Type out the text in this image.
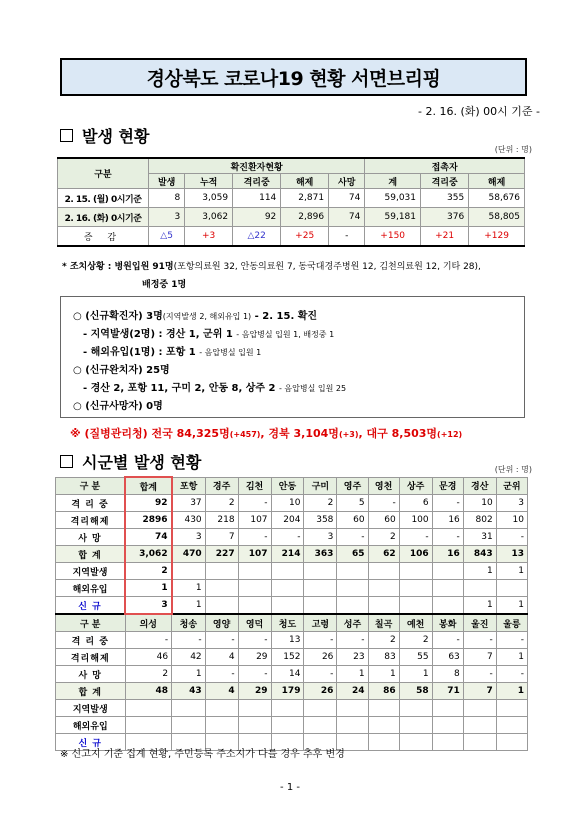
경상북도 코로나19 현황 서면브리핑
- 2. 16. (화) 00시 기준 -
발생 현황
(단위 : 명)
구분	확진환자현황					접촉자		
	발생	누적	격리중	해제	사망	계	격리중	해제
2. 15. (월) 0시기준	8	3,059	114	2,871	74	59,031	355	58,676
2. 16. (화) 0시기준	3	3,062	92	2,896	74	59,181	376	58,805
증 감	△5	+3	△22	+25	-	+150	+21	+129
* 조치상황 : 병원입원 91명(포항의료원 32, 안동의료원 7, 동국대경주병원 12, 김천의료원 12, 기타 28),
배정중 1명
○ (신규확진자) 3명(지역발생 2, 해외유입 1) - 2. 15. 확진
- 지역발생(2명) : 경산 1, 군위 1 - 음압병실 입원 1, 배정중 1
- 해외유입(1명) : 포항 1 - 음압병실 입원 1
○ (신규완치자) 25명
- 경산 2, 포항 11, 구미 2, 안동 8, 상주 2 - 음압병실 입원 25
○ (신규사망자) 0명
※ (질병관리청) 전국 84,325명(+457), 경북 3,104명(+3), 대구 8,503명(+12)
시군별 발생 현황	(단위 : 명)
구 분	합계	포항	경주	김천	안동	구미	영주	영천	상주	문경	경산	군위
격 리 중	92	37	2	-	10	2	5	-	6	-	10	3
격리해제	2896	430	218	107	204	358	60	60	100	16	802	10
사 망	74	3	7	-	-	3	-	2	-	-	31	-
합 계	3,062	470	227	107	214	363	65	62	106	16	843	13
지역발생	2										1	1
해외유입	1	1										
신 규	3	1									1	1
구 분	의성	청송	영양	영덕	청도	고령	성주	칠곡	예천	봉화	울진	울릉
격 리 중	-	-	-	-	13	-	-	2	2	-	-	-
격리해제	46	42	4	29	152	26	23	83	55	63	7	1
사 망	2	1	-	-	14	-	1	1	1	8	-	-
합 계	48	43	4	29	179	26	24	86	58	71	7	1
지역발생												
해외유입												
신 규												
※ 신고지 기준 집계 현황, 주민등록 주소지가 다를 경우 추후 변경
- 1 -
